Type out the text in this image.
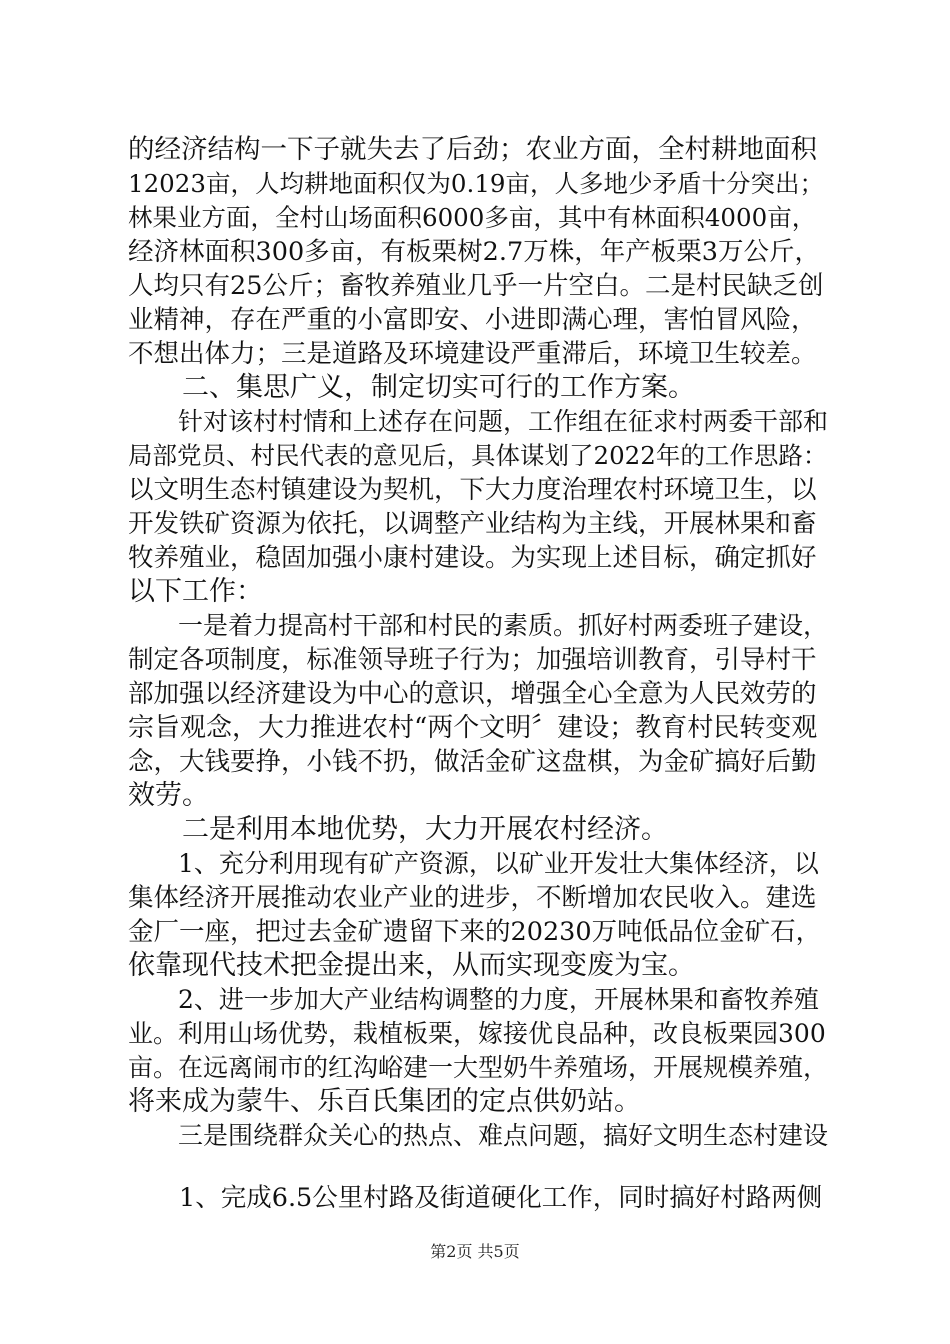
的经济结构一下子就失去了后劲；农业方面，全村耕地面积
12023亩，人均耕地面积仅为0.19亩，人多地少矛盾十分突出；
林果业方面，全村山场面积6000多亩，其中有林面积4000亩，
经济林面积300多亩，有板栗树2.7万株，年产板栗3万公斤，
人均只有25公斤；畜牧养殖业几乎一片空白。二是村民缺乏创
业精神，存在严重的小富即安、小进即满心理，害怕冒风险，
不想出体力；三是道路及环境建设严重滞后，环境卫生较差。
　　二、集思广义，制定切实可行的工作方案。
　　针对该村村情和上述存在问题，工作组在征求村两委干部和
局部党员、村民代表的意见后，具体谋划了2022年的工作思路：
以文明生态村镇建设为契机，下大力度治理农村环境卫生，以
开发铁矿资源为依托，以调整产业结构为主线，开展林果和畜
牧养殖业，稳固加强小康村建设。为实现上述目标，确定抓好
以下工作：
　　一是着力提高村干部和村民的素质。抓好村两委班子建设，
制定各项制度，标准领导班子行为；加强培训教育，引导村干
部加强以经济建设为中心的意识，增强全心全意为人民效劳的
宗旨观念，大力推进农村“两个文明〞建设；教育村民转变观
念，大钱要挣，小钱不扔，做活金矿这盘棋，为金矿搞好后勤
效劳。
　　二是利用本地优势，大力开展农村经济。
　　1、充分利用现有矿产资源，以矿业开发壮大集体经济，以
集体经济开展推动农业产业的进步，不断增加农民收入。建选
金厂一座，把过去金矿遗留下来的20230万吨低品位金矿石，
依靠现代技术把金提出来，从而实现变废为宝。
　　2、进一步加大产业结构调整的力度，开展林果和畜牧养殖
业。利用山场优势，栽植板栗，嫁接优良品种，改良板栗园300
亩。在远离闹市的红沟峪建一大型奶牛养殖场，开展规模养殖，
将来成为蒙牛、乐百氏集团的定点供奶站。
　　三是围绕群众关心的热点、难点问题，搞好文明生态村建设
　　1、完成6.5公里村路及街道硬化工作，同时搞好村路两侧
第2页 共5页
